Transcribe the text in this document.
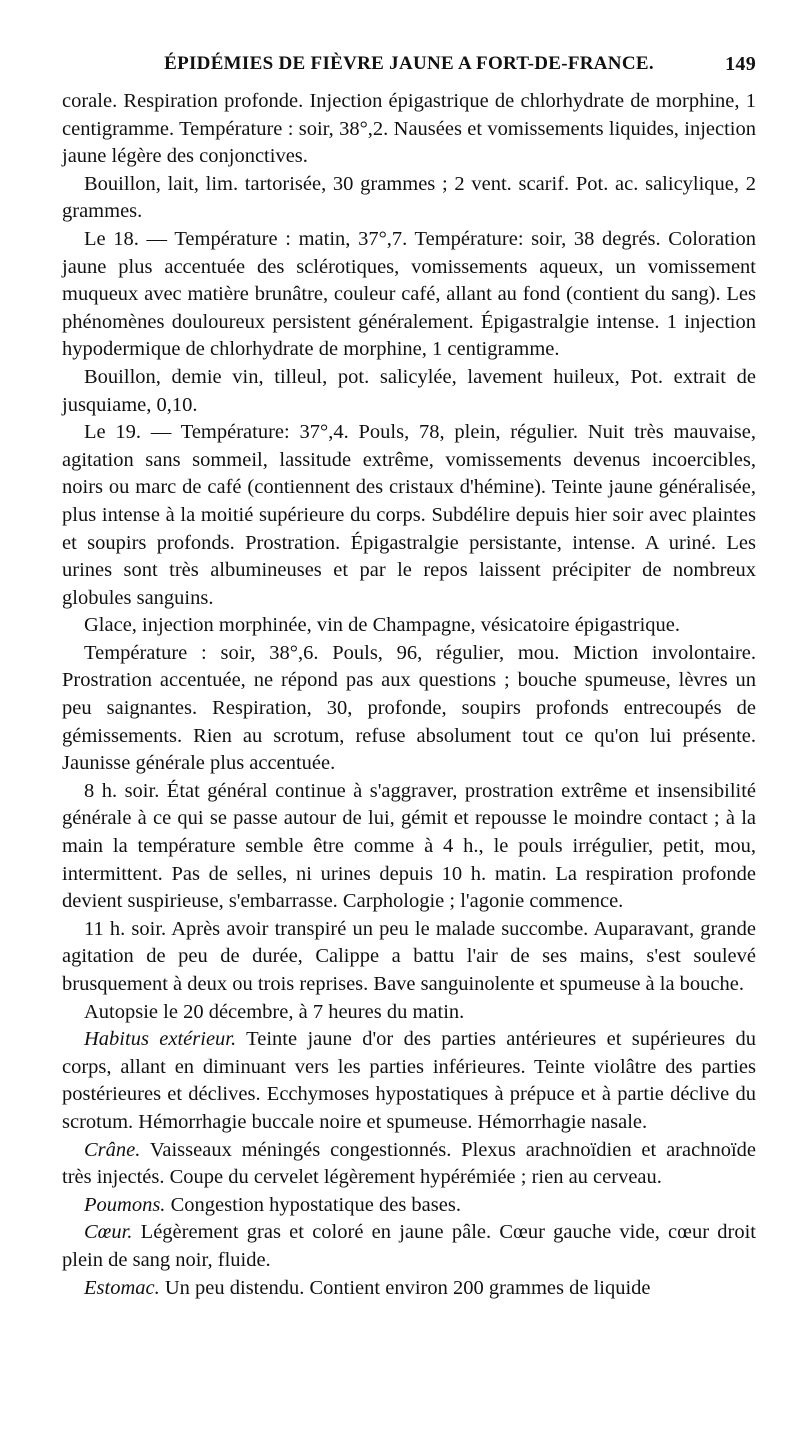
ÉPIDÉMIES DE FIÈVRE JAUNE A FORT-DE-FRANCE.	149

corale. Respiration profonde. Injection épigastrique de chlorhydrate de morphine, 1 centigramme. Température : soir, 38°,2. Nausées et vomissements liquides, injection jaune légère des conjonctives.

Bouillon, lait, lim. tartorisée, 30 grammes ; 2 vent. scarif. Pot. ac. salicylique, 2 grammes.

Le 18. — Température : matin, 37°,7. Température: soir, 38 degrés. Coloration jaune plus accentuée des sclérotiques, vomissements aqueux, un vomissement muqueux avec matière brunâtre, couleur café, allant au fond (contient du sang). Les phénomènes douloureux persistent généralement. Épigastralgie intense. 1 injection hypodermique de chlorhydrate de morphine, 1 centigramme.

Bouillon, demie vin, tilleul, pot. salicylée, lavement huileux, Pot. extrait de jusquiame, 0,10.

Le 19. — Température: 37°,4. Pouls, 78, plein, régulier. Nuit très mauvaise, agitation sans sommeil, lassitude extrême, vomissements devenus incoercibles, noirs ou marc de café (contiennent des cristaux d'hémine). Teinte jaune généralisée, plus intense à la moitié supérieure du corps. Subdélire depuis hier soir avec plaintes et soupirs profonds. Prostration. Épigastralgie persistante, intense. A uriné. Les urines sont très albumineuses et par le repos laissent précipiter de nombreux globules sanguins.

Glace, injection morphinée, vin de Champagne, vésicatoire épigastrique.

Température : soir, 38°,6. Pouls, 96, régulier, mou. Miction involontaire. Prostration accentuée, ne répond pas aux questions ; bouche spumeuse, lèvres un peu saignantes. Respiration, 30, profonde, soupirs profonds entrecoupés de gémissements. Rien au scrotum, refuse absolument tout ce qu'on lui présente. Jaunisse générale plus accentuée.

8 h. soir. État général continue à s'aggraver, prostration extrême et insensibilité générale à ce qui se passe autour de lui, gémit et repousse le moindre contact ; à la main la température semble être comme à 4 h., le pouls irrégulier, petit, mou, intermittent. Pas de selles, ni urines depuis 10 h. matin. La respiration profonde devient suspirieuse, s'embarrasse. Carphologie ; l'agonie commence.

11 h. soir. Après avoir transpiré un peu le malade succombe. Auparavant, grande agitation de peu de durée, Calippe a battu l'air de ses mains, s'est soulevé brusquement à deux ou trois reprises. Bave sanguinolente et spumeuse à la bouche.

Autopsie le 20 décembre, à 7 heures du matin.

Habitus extérieur. Teinte jaune d'or des parties antérieures et supérieures du corps, allant en diminuant vers les parties inférieures. Teinte violâtre des parties postérieures et déclives. Ecchymoses hypostatiques à prépuce et à partie déclive du scrotum. Hémorrhagie buccale noire et spumeuse. Hémorrhagie nasale.

Crâne. Vaisseaux méningés congestionnés. Plexus arachnoïdien et arachnoïde très injectés. Coupe du cervelet légèrement hypérémiée ; rien au cerveau.

Poumons. Congestion hypostatique des bases.

Cœur. Légèrement gras et coloré en jaune pâle. Cœur gauche vide, cœur droit plein de sang noir, fluide.

Estomac. Un peu distendu. Contient environ 200 grammes de liquide
